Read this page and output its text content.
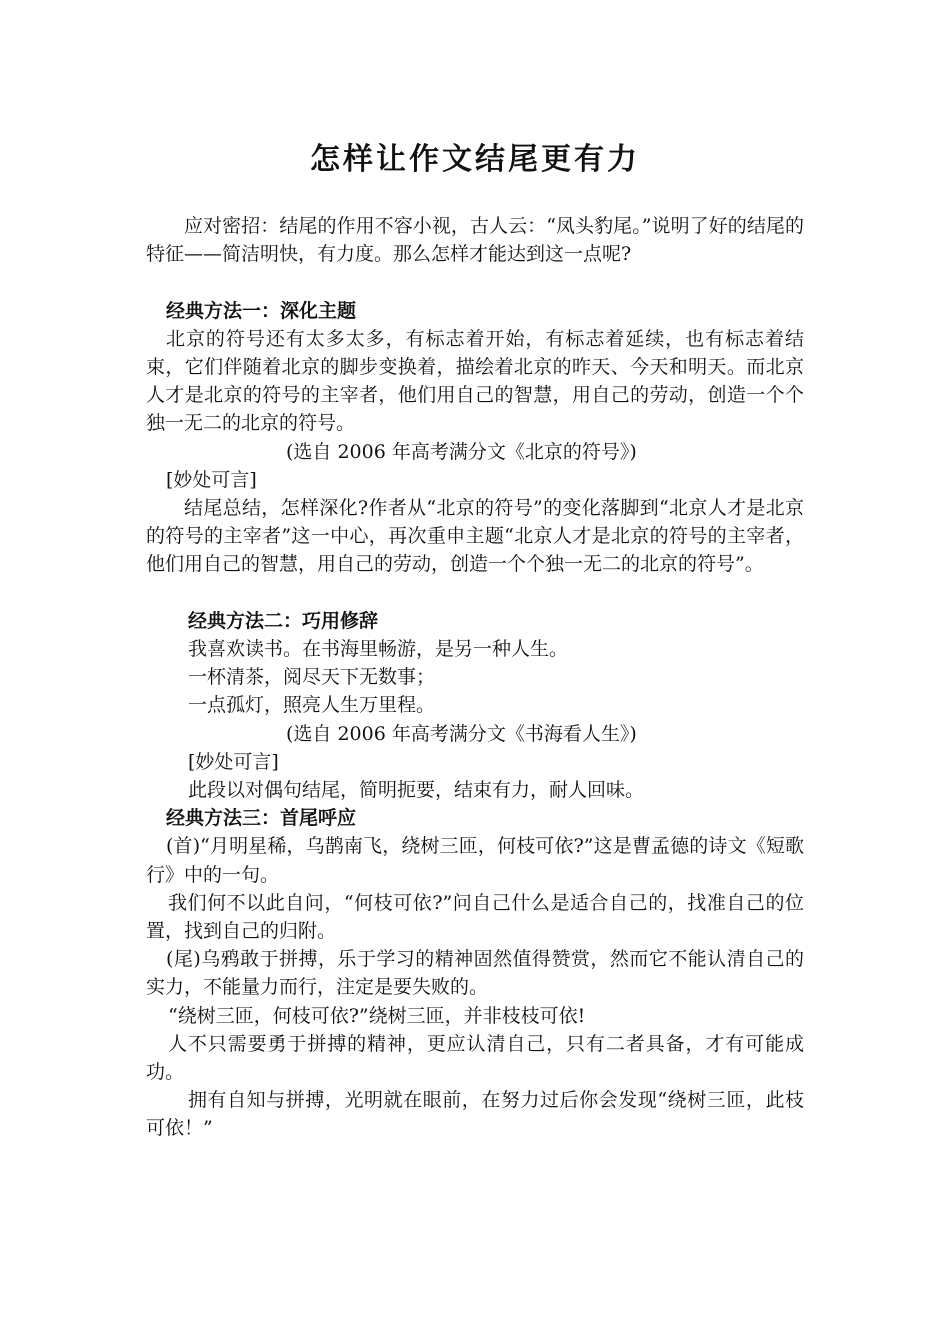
怎样让作文结尾更有力

应对密招：结尾的作用不容小视，古人云：“凤头豹尾。”说明了好的结尾的特征——简洁明快，有力度。那么怎样才能达到这一点呢?

经典方法一：深化主题

北京的符号还有太多太多，有标志着开始，有标志着延续，也有标志着结束，它们伴随着北京的脚步变换着，描绘着北京的昨天、今天和明天。而北京人才是北京的符号的主宰者，他们用自己的智慧，用自己的劳动，创造一个个独一无二的北京的符号。

(选自 2006 年高考满分文《北京的符号》)

[妙处可言]

结尾总结，怎样深化?作者从“北京的符号”的变化落脚到“北京人才是北京的符号的主宰者”这一中心，再次重申主题“北京人才是北京的符号的主宰者，他们用自己的智慧，用自己的劳动，创造一个个独一无二的北京的符号”。

经典方法二：巧用修辞

我喜欢读书。在书海里畅游，是另一种人生。

一杯清茶，阅尽天下无数事；

一点孤灯，照亮人生万里程。

(选自 2006 年高考满分文《书海看人生》)

[妙处可言]

此段以对偶句结尾，简明扼要，结束有力，耐人回味。

经典方法三：首尾呼应

(首)“月明星稀，乌鹊南飞，绕树三匝，何枝可依?”这是曹孟德的诗文《短歌行》中的一句。

我们何不以此自问，“何枝可依?”问自己什么是适合自己的，找准自己的位置，找到自己的归附。

(尾)乌鸦敢于拼搏，乐于学习的精神固然值得赞赏，然而它不能认清自己的实力，不能量力而行，注定是要失败的。

“绕树三匝，何枝可依?”绕树三匝，并非枝枝可依!

人不只需要勇于拼搏的精神，更应认清自己，只有二者具备，才有可能成功。

拥有自知与拼搏，光明就在眼前，在努力过后你会发现“绕树三匝，此枝可依！”
